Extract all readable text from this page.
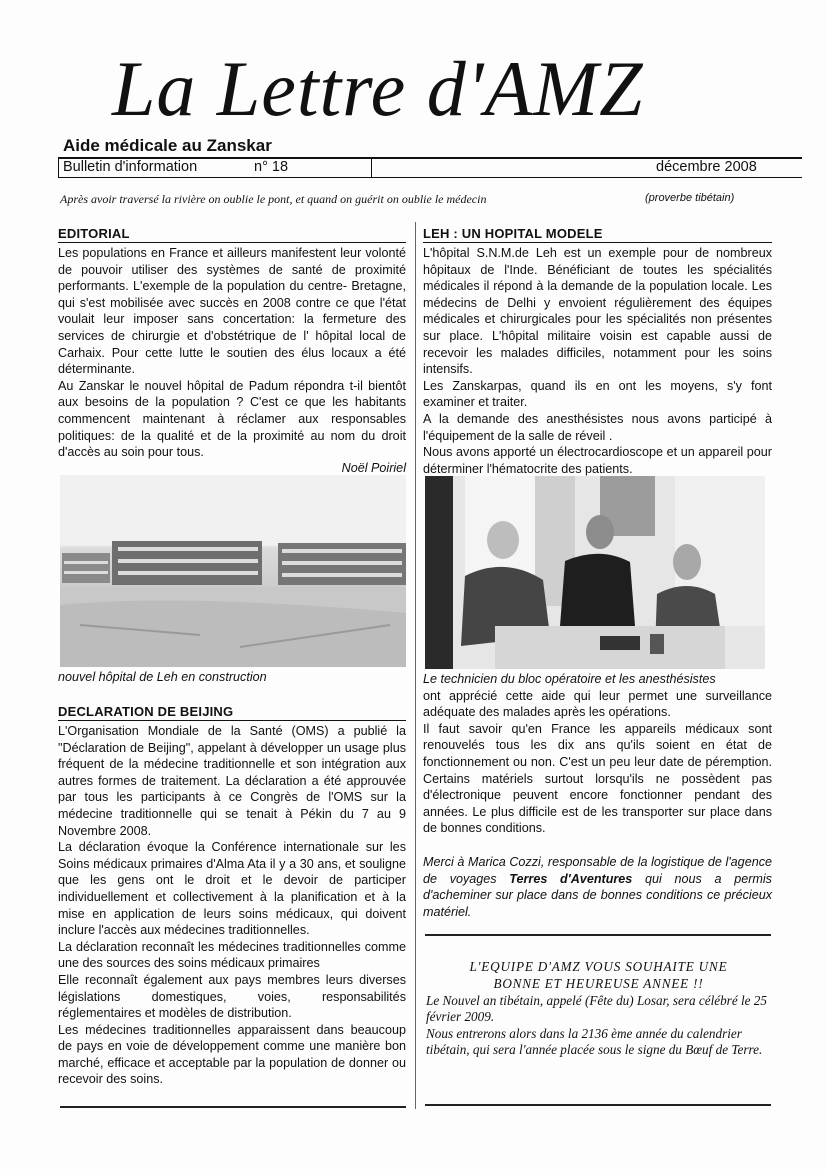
La Lettre d'AMZ
Aide médicale au Zanskar
Bulletin d'information	n° 18	décembre 2008
Après avoir traversé la rivière on oublie le pont, et quand on guérit on oublie le médecin	(proverbe tibétain)
EDITORIAL

Les populations en France et ailleurs manifestent leur volonté de pouvoir utiliser des systèmes de santé de proximité performants. L'exemple de la population du centre- Bretagne, qui s'est mobilisée avec succès en 2008 contre ce que l'état voulait leur imposer sans concertation: la fermeture des services de chirurgie et d'obstétrique de l' hôpital local de Carhaix. Pour cette lutte le soutien des élus locaux a été déterminante.

Au Zanskar le nouvel hôpital de Padum répondra t-il bientôt aux besoins de la population ? C'est ce que les habitants commencent maintenant à réclamer aux responsables politiques: de la qualité et de la proximité au nom du droit d'accès au soin pour tous.

Noël Poiriel
nouvel hôpital de Leh en construction
DECLARATION DE BEIJING

L'Organisation Mondiale de la Santé (OMS) a publié la "Déclaration de Beijing", appelant à développer un usage plus fréquent de la médecine traditionnelle et son intégration aux autres formes de traitement. La déclaration a été approuvée par tous les participants à ce Congrès de l'OMS sur la médecine traditionnelle qui se tenait à Pékin du 7 au 9 Novembre 2008.

La déclaration évoque la Conférence internationale sur les Soins médicaux primaires d'Alma Ata il y a 30 ans, et souligne que les gens ont le droit et le devoir de participer individuellement et collectivement à la planification et à la mise en application de leurs soins médicaux, qui doivent inclure l'accès aux médecines traditionnelles.

La déclaration reconnaît les médecines traditionnelles comme une des sources des soins médicaux primaires

Elle reconnaît également aux pays membres leurs diverses législations domestiques, voies, responsabilités réglementaires et modèles de distribution.

Les médecines traditionnelles apparaissent dans beaucoup de pays en voie de développement comme une manière bon marché, efficace et acceptable par la population de donner ou recevoir des soins.

LEH : UN HOPITAL MODELE

L'hôpital S.N.M.de Leh est un exemple pour de nombreux hôpitaux de l'Inde. Bénéficiant de toutes les spécialités médicales il répond à la demande de la population locale. Les médecins de Delhi y envoient régulièrement des équipes médicales et chirurgicales pour les spécialités non présentes sur place. L'hôpital militaire voisin est capable aussi de recevoir les malades difficiles, notamment pour les soins intensifs.

Les Zanskarpas, quand ils en ont les moyens, s'y font examiner et traiter.

A la demande des anesthésistes nous avons participé à l'équipement de la salle de réveil .

Nous avons apporté un électrocardioscope et un appareil pour déterminer l'hématocrite des patients.

Le technicien du bloc opératoire et les anesthésistes

ont apprécié cette aide qui leur permet une surveillance adéquate des malades après les opérations.

Il faut savoir qu'en France les appareils médicaux sont renouvelés tous les dix ans qu'ils soient en état de fonctionnement ou non. C'est un peu leur date de péremption. Certains matériels surtout lorsqu'ils ne possèdent pas d'électronique peuvent encore fonctionner pendant des années. Le plus difficile est de les transporter sur place dans de bonnes conditions.

Merci à Marica Cozzi, responsable de la logistique de l'agence de voyages Terres d'Aventures qui nous a permis d'acheminer sur place dans de bonnes conditions ce précieux matériel.

L'EQUIPE D'AMZ VOUS SOUHAITE UNE
BONNE ET HEUREUSE ANNEE !!
Le Nouvel an tibétain, appelé (Fête du) Losar, sera célébré le 25 février 2009.
Nous entrerons alors dans la 2136 ème année du calendrier tibétain, qui sera l'année placée sous le signe du Bœuf de Terre.
